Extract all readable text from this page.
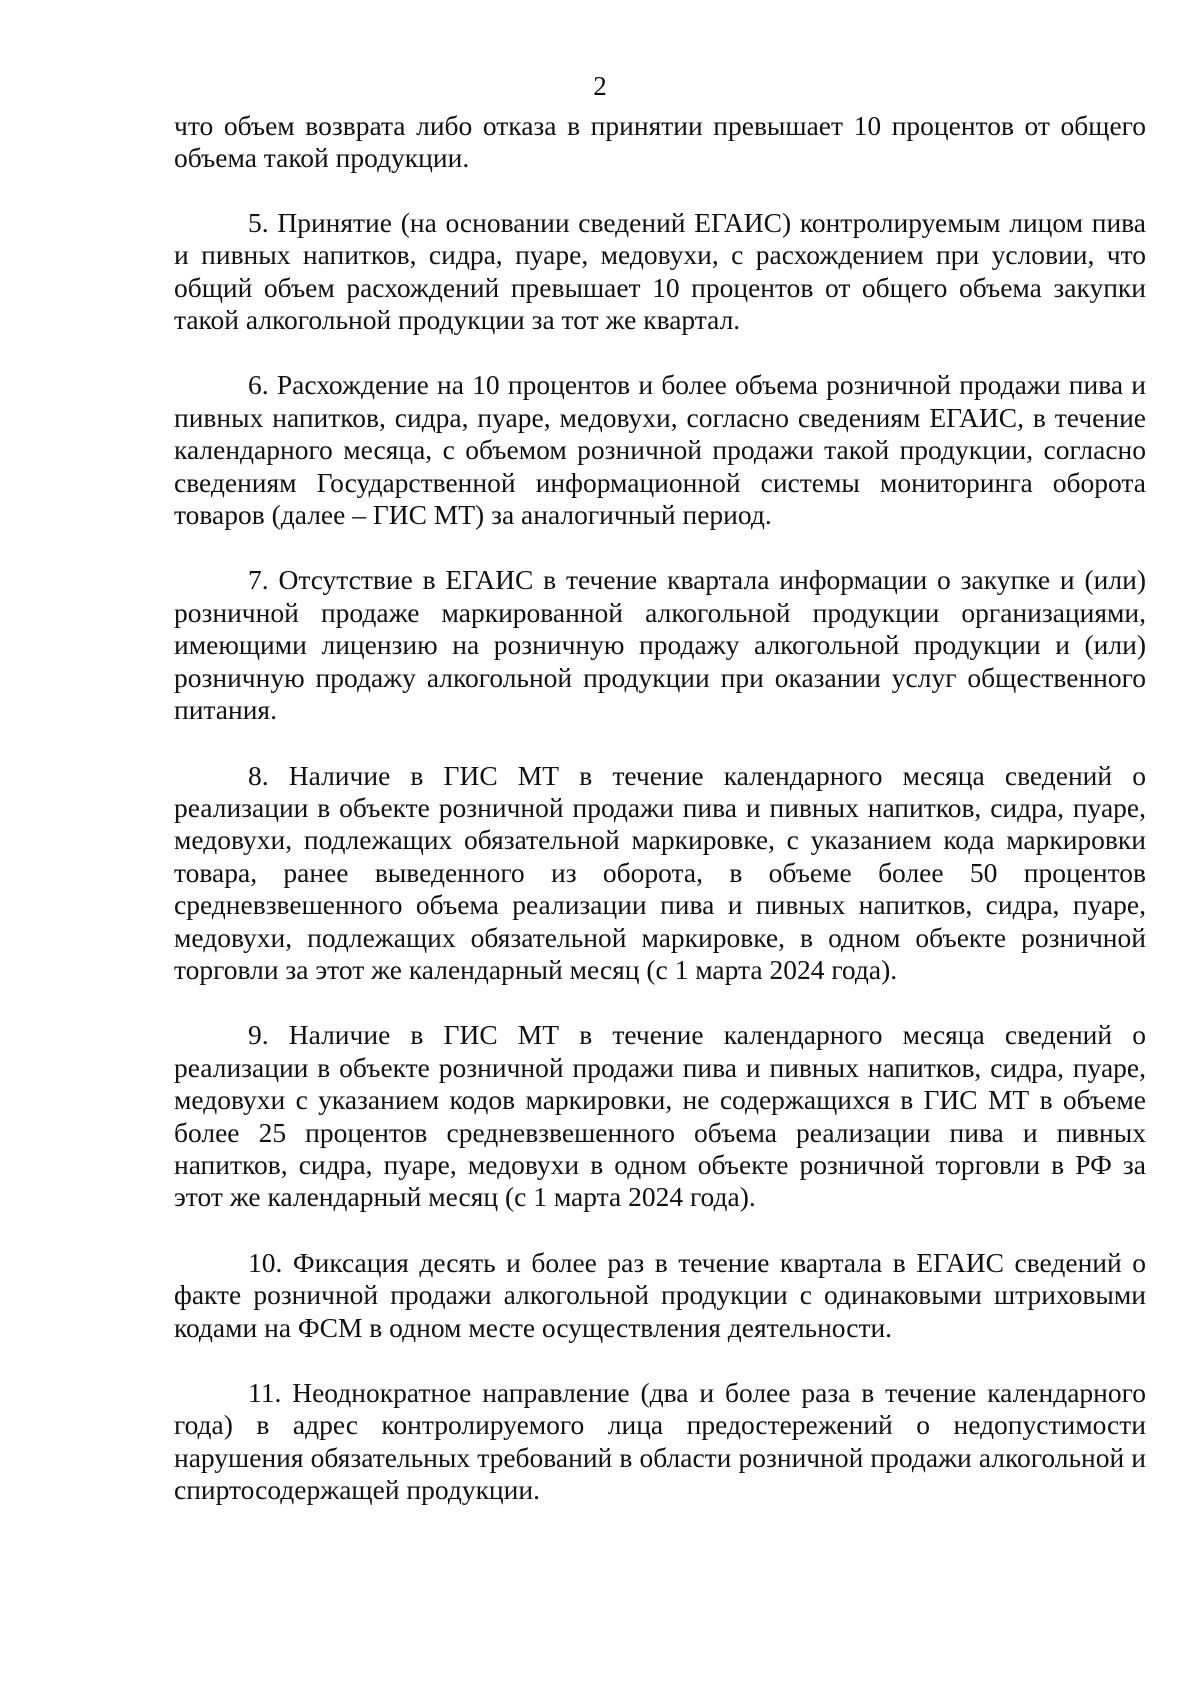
2

что объем возврата либо отказа в принятии превышает 10 процентов от общего объема такой продукции.

5. Принятие (на основании сведений ЕГАИС) контролируемым лицом пива и пивных напитков, сидра, пуаре, медовухи, с расхождением при условии, что общий объем расхождений превышает 10 процентов от общего объема закупки такой алкогольной продукции за тот же квартал.

6. Расхождение на 10 процентов и более объема розничной продажи пива и пивных напитков, сидра, пуаре, медовухи, согласно сведениям ЕГАИС, в течение календарного месяца, с объемом розничной продажи такой продукции, согласно сведениям Государственной информационной системы мониторинга оборота товаров (далее – ГИС МТ) за аналогичный период.

7. Отсутствие в ЕГАИС в течение квартала информации о закупке и (или) розничной продаже маркированной алкогольной продукции организациями, имеющими лицензию на розничную продажу алкогольной продукции и (или) розничную продажу алкогольной продукции при оказании услуг общественного питания.

8. Наличие в ГИС МТ в течение календарного месяца сведений о реализации в объекте розничной продажи пива и пивных напитков, сидра, пуаре, медовухи, подлежащих обязательной маркировке, с указанием кода маркировки товара, ранее выведенного из оборота, в объеме более 50 процентов средневзвешенного объема реализации пива и пивных напитков, сидра, пуаре, медовухи, подлежащих обязательной маркировке, в одном объекте розничной торговли за этот же календарный месяц (с 1 марта 2024 года).

9. Наличие в ГИС МТ в течение календарного месяца сведений о реализации в объекте розничной продажи пива и пивных напитков, сидра, пуаре, медовухи с указанием кодов маркировки, не содержащихся в ГИС МТ в объеме более 25 процентов средневзвешенного объема реализации пива и пивных напитков, сидра, пуаре, медовухи в одном объекте розничной торговли в РФ за этот же календарный месяц (с 1 марта 2024 года).

10. Фиксация десять и более раз в течение квартала в ЕГАИС сведений о факте розничной продажи алкогольной продукции с одинаковыми штриховыми кодами на ФСМ в одном месте осуществления деятельности.

11. Неоднократное направление (два и более раза в течение календарного года) в адрес контролируемого лица предостережений о недопустимости нарушения обязательных требований в области розничной продажи алкогольной и спиртосодержащей продукции.
